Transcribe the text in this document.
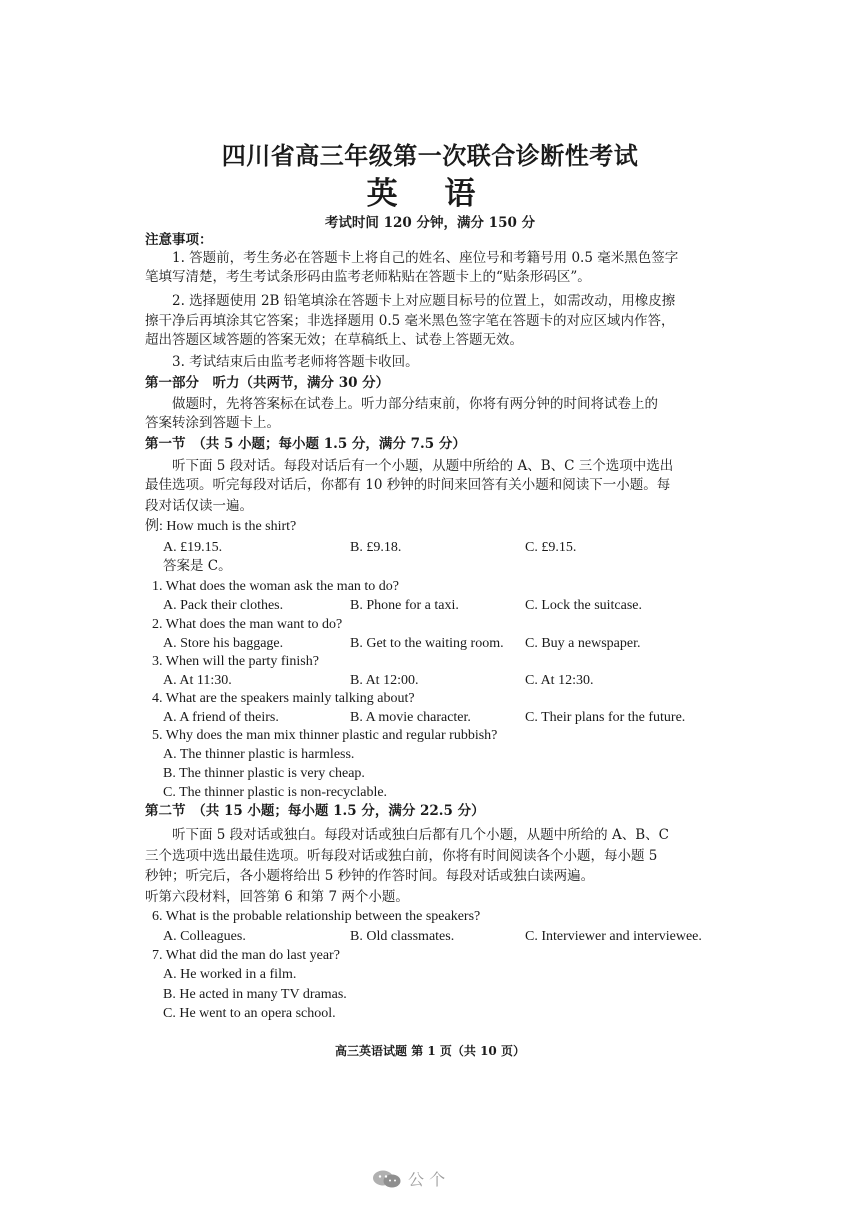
四川省高三年级第一次联合诊断性考试
英 语
考试时间 120 分钟，满分 150 分
注意事项：
1. 答题前，考生务必在答题卡上将自己的姓名、座位号和考籍号用 0.5 毫米黑色签字
笔填写清楚，考生考试条形码由监考老师粘贴在答题卡上的“贴条形码区”。
2. 选择题使用 2B 铅笔填涂在答题卡上对应题目标号的位置上，如需改动，用橡皮擦
擦干净后再填涂其它答案；非选择题用 0.5 毫米黑色签字笔在答题卡的对应区域内作答，
超出答题区域答题的答案无效；在草稿纸上、试卷上答题无效。
3. 考试结束后由监考老师将答题卡收回。
第一部分　听力（共两节，满分 30 分）
做题时，先将答案标在试卷上。听力部分结束前，你将有两分钟的时间将试卷上的
答案转涂到答题卡上。
第一节　（共 5 小题；每小题 1.5 分，满分 7.5 分）
听下面 5 段对话。每段对话后有一个小题，从题中所给的 A、B、C 三个选项中选出
最佳选项。听完每段对话后，你都有 10 秒钟的时间来回答有关小题和阅读下一小题。每
段对话仅读一遍。
例: How much is the shirt?
A. £19.15.	B. £9.18.	C. £9.15.
答案是 C。
1. What does the woman ask the man to do?
A. Pack their clothes.	B. Phone for a taxi.	C. Lock the suitcase.
2. What does the man want to do?
A. Store his baggage.	B. Get to the waiting room. C. Buy a newspaper.
3. When will the party finish?
A. At 11:30.	B. At 12:00.	C. At 12:30.
4. What are the speakers mainly talking about?
A. A friend of theirs.	B. A movie character.	C. Their plans for the future.
5. Why does the man mix thinner plastic and regular rubbish?
A. The thinner plastic is harmless.
B. The thinner plastic is very cheap.
C. The thinner plastic is non-recyclable.
第二节　（共 15 小题；每小题 1.5 分，满分 22.5 分）
听下面 5 段对话或独白。每段对话或独白后都有几个小题，从题中所给的 A、B、C
三个选项中选出最佳选项。听每段对话或独白前，你将有时间阅读各个小题，每小题 5
秒钟；听完后，各小题将给出 5 秒钟的作答时间。每段对话或独白读两遍。
听第六段材料，回答第 6 和第 7 两个小题。
6. What is the probable relationship between the speakers?
A. Colleagues.	B. Old classmates.	C. Interviewer and interviewee.
7. What did the man do last year?
A. He worked in a film.
B. He acted in many TV dramas.
C. He went to an opera school.
高三英语试题 第 1 页（共 10 页）
公 个
